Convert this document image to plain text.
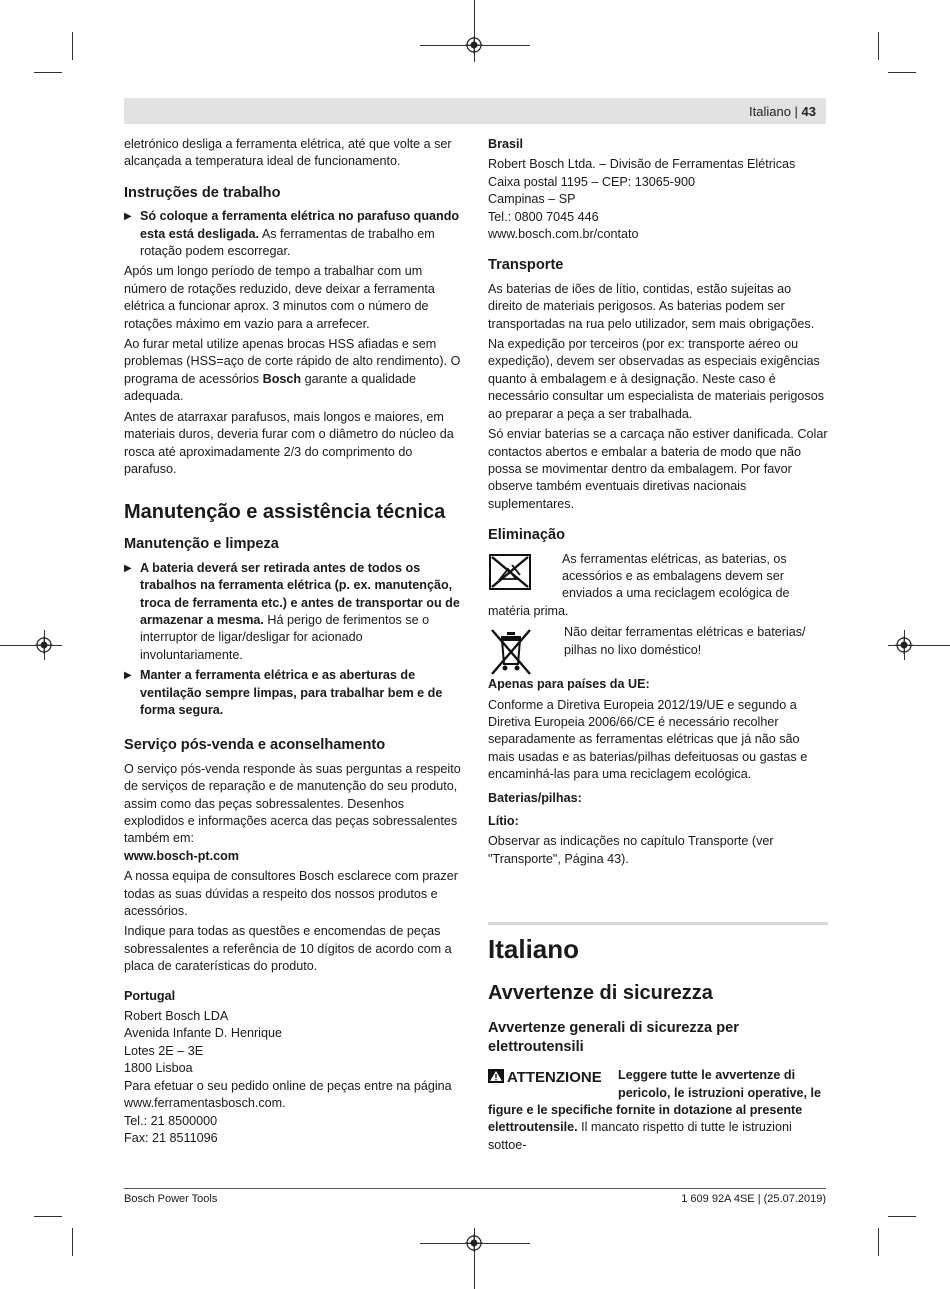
Italiano | 43

eletrónico desliga a ferramenta elétrica, até que volte a ser alcançada a temperatura ideal de funcionamento.

Instruções de trabalho
▶ Só coloque a ferramenta elétrica no parafuso quando esta está desligada. As ferramentas de trabalho em rotação podem escorregar.

Após um longo período de tempo a trabalhar com um número de rotações reduzido, deve deixar a ferramenta elétrica a funcionar aprox. 3 minutos com o número de rotações máximo em vazio para a arrefecer.

Ao furar metal utilize apenas brocas HSS afiadas e sem problemas (HSS=aço de corte rápido de alto rendimento). O programa de acessórios Bosch garante a qualidade adequada.

Antes de atarraxar parafusos, mais longos e maiores, em materiais duros, deveria furar com o diâmetro do núcleo da rosca até aproximadamente 2/3 do comprimento do parafuso.

Manutenção e assistência técnica
Manutenção e limpeza
▶ A bateria deverá ser retirada antes de todos os trabalhos na ferramenta elétrica (p. ex. manutenção, troca de ferramenta etc.) e antes de transportar ou de armazenar a mesma. Há perigo de ferimentos se o interruptor de ligar/desligar for acionado involuntariamente.
▶ Manter a ferramenta elétrica e as aberturas de ventilação sempre limpas, para trabalhar bem e de forma segura.
Serviço pós-venda e aconselhamento

O serviço pós-venda responde às suas perguntas a respeito de serviços de reparação e de manutenção do seu produto, assim como das peças sobressalentes. Desenhos explodidos e informações acerca das peças sobressalentes também em:

www.bosch-pt.com

A nossa equipa de consultores Bosch esclarece com prazer todas as suas dúvidas a respeito dos nossos produtos e acessórios.

Indique para todas as questões e encomendas de peças sobressalentes a referência de 10 dígitos de acordo com a placa de caraterísticas do produto.

Portugal
Robert Bosch LDA
Avenida Infante D. Henrique
Lotes 2E – 3E
1800 Lisboa
Para efetuar o seu pedido online de peças entre na página www.ferramentasbosch.com.
Tel.: 21 8500000
Fax: 21 8511096
Brasil
Robert Bosch Ltda. – Divisão de Ferramentas Elétricas
Caixa postal 1195 – CEP: 13065-900
Campinas – SP
Tel.: 0800 7045 446
www.bosch.com.br/contato
Transporte

As baterias de iões de lítio, contidas, estão sujeitas ao direito de materiais perigosos. As baterias podem ser transportadas na rua pelo utilizador, sem mais obrigações.

Na expedição por terceiros (por ex: transporte aéreo ou expedição), devem ser observadas as especiais exigências quanto à embalagem e à designação. Neste caso é necessário consultar um especialista de materiais perigosos ao preparar a peça a ser trabalhada.

Só enviar baterias se a carcaça não estiver danificada. Colar contactos abertos e embalar a bateria de modo que não possa se movimentar dentro da embalagem. Por favor observe também eventuais diretivas nacionais suplementares.

Eliminação
As ferramentas elétricas, as baterias, os acessórios e as embalagens devem ser enviados a uma reciclagem ecológica de matéria prima.
Não deitar ferramentas elétricas e baterias/ pilhas no lixo doméstico!
Apenas para países da UE:

Conforme a Diretiva Europeia 2012/19/UE e segundo a Diretiva Europeia 2006/66/CE é necessário recolher separadamente as ferramentas elétricas que já não são mais usadas e as baterias/pilhas defeituosas ou gastas e encaminhá-las para uma reciclagem ecológica.

Baterias/pilhas:
Lítio:

Observar as indicações no capítulo Transporte (ver "Transporte", Página 43).

Italiano
Avvertenze di sicurezza
Avvertenze generali di sicurezza per elettroutensili
ATTENZIONE	Leggere tutte le avvertenze di pericolo, le istruzioni operative, le figure e le specifiche fornite in dotazione al presente elettroutensile. Il mancato rispetto di tutte le istruzioni sottoe-
Bosch Power Tools	1 609 92A 4SE | (25.07.2019)
